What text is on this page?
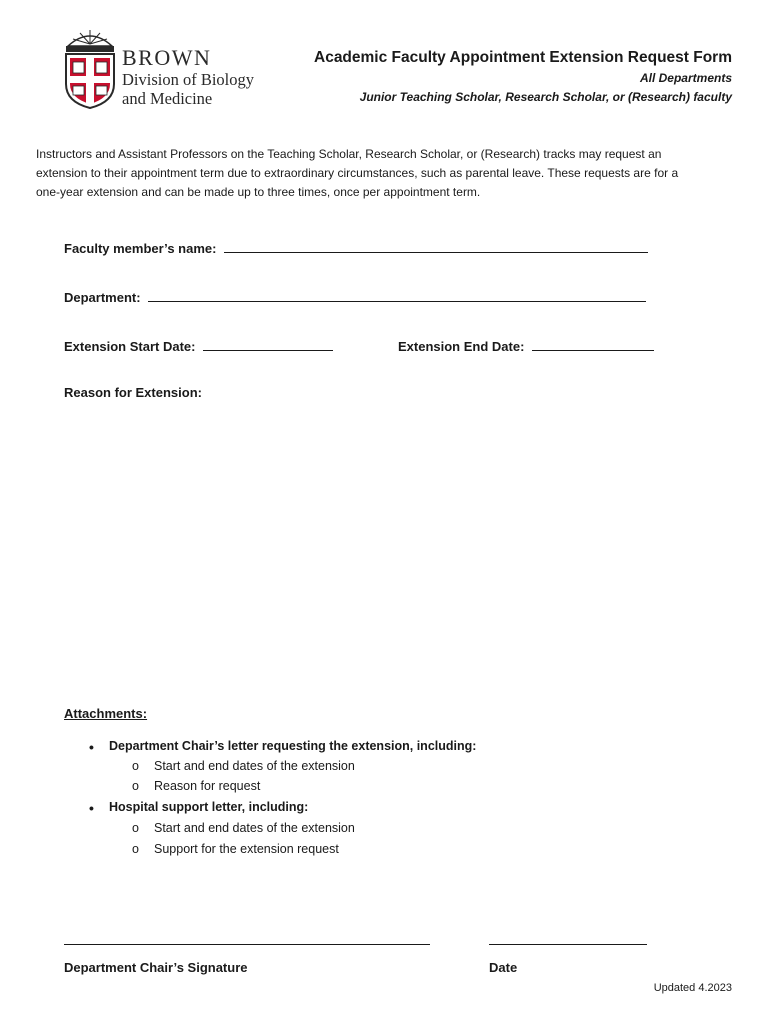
BROWN
Division of Biology
and Medicine
Academic Faculty Appointment Extension Request Form
All Departments
Junior Teaching Scholar, Research Scholar, or (Research) faculty
Instructors and Assistant Professors on the Teaching Scholar, Research Scholar, or (Research) tracks may request an
extension to their appointment term due to extraordinary circumstances, such as parental leave. These requests are for a
one-year extension and can be made up to three times, once per appointment term.
Faculty member’s name:
Department:
Extension Start Date:	Extension End Date:
Reason for Extension:
Attachments:
• Department Chair’s letter requesting the extension, including:
o Start and end dates of the extension
o Reason for request
• Hospital support letter, including:
o Start and end dates of the extension
o Support for the extension request
Department Chair’s Signature	Date
Updated 4.2023
